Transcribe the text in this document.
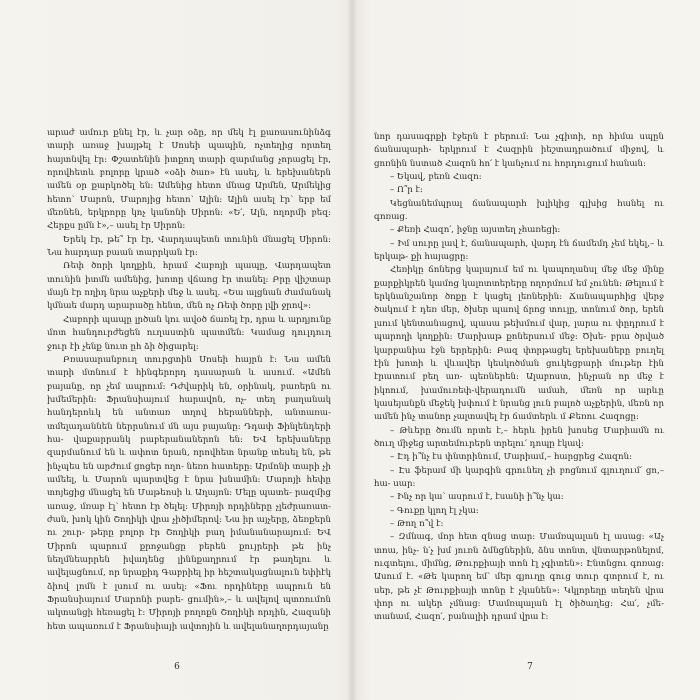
արաժ ամուր քնել էր, և չար օձը, որ մեկ էլ քառասունինձգ տարի առաջ խայթել է Սոսեի պապին, ոչտեղից որտեղ հայտնվել էր: Փշատենին իտքող տարի զարմանց չորացել էր, որովհետև բոլորը կրած «օձի ծառ» էն ասել, և երեխաներն ամեն օր քարկոծել են: Ամենից հետո մնաց Արմեն, Արմեկից հետո՝ Մարոն, Մարոյից հետո՝ Ալին: Ալին ասել էր՝ երբ եմ մեռնեն, երկրորը կոչ կանոնի Սիրոն: «Ե՛, Ալն, ողորմի բեզ: Հերքս ըմն է»,– ասել էր Սիրոն:

Երեկ էր, թե՞ էր էր, Վարդապետն տունին մնացել Սիրոն: Նա հարդար բաան տարրկան էր:

Ռեփ ծորի կողքին, հրամ Հաբոյի պապը, Վարդապետ տունին իտմն ամենից, խոտը վճաոց էր տանել: Բրը վիշտար մայն էր ողիդ նրա աչքերի մեջ և ասել. «Եա ալցնան ժամանակ կմնաե մարդ արարածը հենտ, մեն ոչ Ռեփ ծորը լվի ջրով»:

Հաբորի պապը լրծան կու ավօծ ճառել էր, դրա և արդյունք մոտ հանդուրժեցեն ուղաստին պատմեն: Կամաց դուլդուղ ջուր էի չենք նուտ ըհ ձի ծիցարել:

Բռասարանբուղ տուրցտին Սոսեի հայրն է: Նա ամեն տարի մտնում է հինգերորդ դասարան և ասում. «Ամեն բայանը, որ չեմ ապրում: Դժվարիկ են, օրինակ, բառերն ու խմեմերին: Ֆրանսիայում հարավոն, ոչ- տեղ բաղանակ հանդերոևկ են անտառ տղով հերանների, անտառա- տմելադաննեն ներրսնում մն այս բայանը: Դդափ Ֆինլենդերի հա- վաքարրանկ րաբերանաներոն են: ԵՎ երեխաները զարմանում են և ափոտ նրան, որովհետ նրանք տեսել են, թե ինչպես են արժում ցոցեր ողո- նեռո հատերը: Արմոնի տարի չի ամեել, և Մարոն պարտվեց է նրա խնամին: Մարոյի հեփը տոյեցից մնացել են Մաթեոսի և Աղայոն: Մելը պատե- րազմից առաջ, մռաբ էլ՝ հետո էր ծելել: Միրոյի որդիները չլեժրառատ- ժան, խոկ կին Շողիկի վրա չիծիմերով: Նա իր այչերը, ձեռքերն ու շուր- թերը բոլոր էր Շողիկի բաղ իմանանարայում: ԵՎ Միրոն պարում քրոջանցը բերեն քույրերի թե ինչ նեղմնեարրեն իվադենց լիննքաղրում էր թաղելու և ավելացնում, որ նրաքիդ Գաբրիել իր հեշտակացնալուն եփիէկ ձիով լոմն է լսում ու ասել: «Ֆու որդիները ապրուն են Ֆրանսիայում Մարոնի բարե- ցումին»,– և ավելով պտռումոն ակտանցի հեռացել է: Միրոյի բողոքն Շողիկի որդին, Հազանի հետ ապառում է Ֆրանսիայի ավտոյին և ավելանաղորդայանը

6

նոր դասագրքի էջերն է բերում: Նա չգիտի, որ հիմա սպըն ճանապարհ- երկրում է Հազրին իեշտադրածում միջով, և ցոռնին նստած Հազոն հո՛ է կանչում ու հորդուցում հանան:

– Եկավ, բեռն Հազո:

– Ո՞ր է:

Կեցնանեմպրալ ճանապարհ խլիկից գլխից հանել ու գոռաց.

– Քեռի Հազո՛, իջնը այստեղ չհառեցի:

– Իմ սուրը լավ է, ճանապարհ, վարդ էն ճամեմդ չեմ եկել,– և երկաթ- քի հայացրը:

Հեռիկը ճոներց կալայում եմ ու կապողանսլ մեջ մեջ մինք քարքիկրեն կամոց կալոտտերերը ողորմում եմ չունեն: Թելում է երկնանշանոր ծոքը է կացել լեռներին: Ճանապարհից վերջ ծակում է դեռ մեր, ծխեր պաով ճրոց տուլը, տոնում ծոր, երեն լսում կենտանացով, պասա թեխմում վար, լարա ու փըդրում է պարողի կողքին: Մարխաթ քոներսում մեջ: Ծխե- բրա ծրված կարբանիա էջն երրերին: Բազ փորթացել երեխաները բուղել էին խոտի և վևավեր կեսկոծման ցուկեցբարի մութեր էին էրատում բեղ առ- պեռներեն: Ալաբոստ, ինչրան որ մեջ է իկոում, խամուռեփ-վերադումն ամահ, մեռն որ արևը կասեյանքն մեջեկ խփում է նրանց լուն բալոծ աչքերին, մեռն որ ամեն ինչ տանոր չալտավել էր ճամտերև մ Քեռու Հազոցը։

– Թևերը ծումն որտե է,– հերև իրեն խոսեց Մարիամն ու ծուղ միջեց արտեմուրերն տրելու՛ դոպը էկավ:

– Էդ ի՞նչ էս փնտրինում, Մարիամ,– հարցրեց Հազոն:

– Էս ֆերամ մի կարգին գրունեղ չի բոցնում գլուղում՛ ցո,– հա- սար:

– Ինչ որ կա՝ ասրում է, էսանի ի՞նչ կա:

– Գուքը կլող էլ չկա:

– Թող ո՞վ է:

– Զմնագ, մոր հետ զնաց տար: Մամռպալան էլ ասաց: «Աչ տոա, ինչ- ն՛չ խմ յուռն ձմնցներին, ձնս տոնտ, վնտարթոնելոմ, ուգտելու, միմնց, Թուրքիայի տոն էլ չգիտեն»: Էնտնցու գոռաց: Ասում է. «Թե կարող եմ՝ մեր գյուղը գուց տուր գտրում է, ու սեր, թե չէ Թուրքիայի տոնը է չկանեն»: Կկլորեղը տեղեն վրա փոր ու ակեր չմնաց: Մամռպալան էլ ծիծաղեց: Հա՛, չմե- տանամ, Հազո՛, բանալիի դրամ վրա է:

7
